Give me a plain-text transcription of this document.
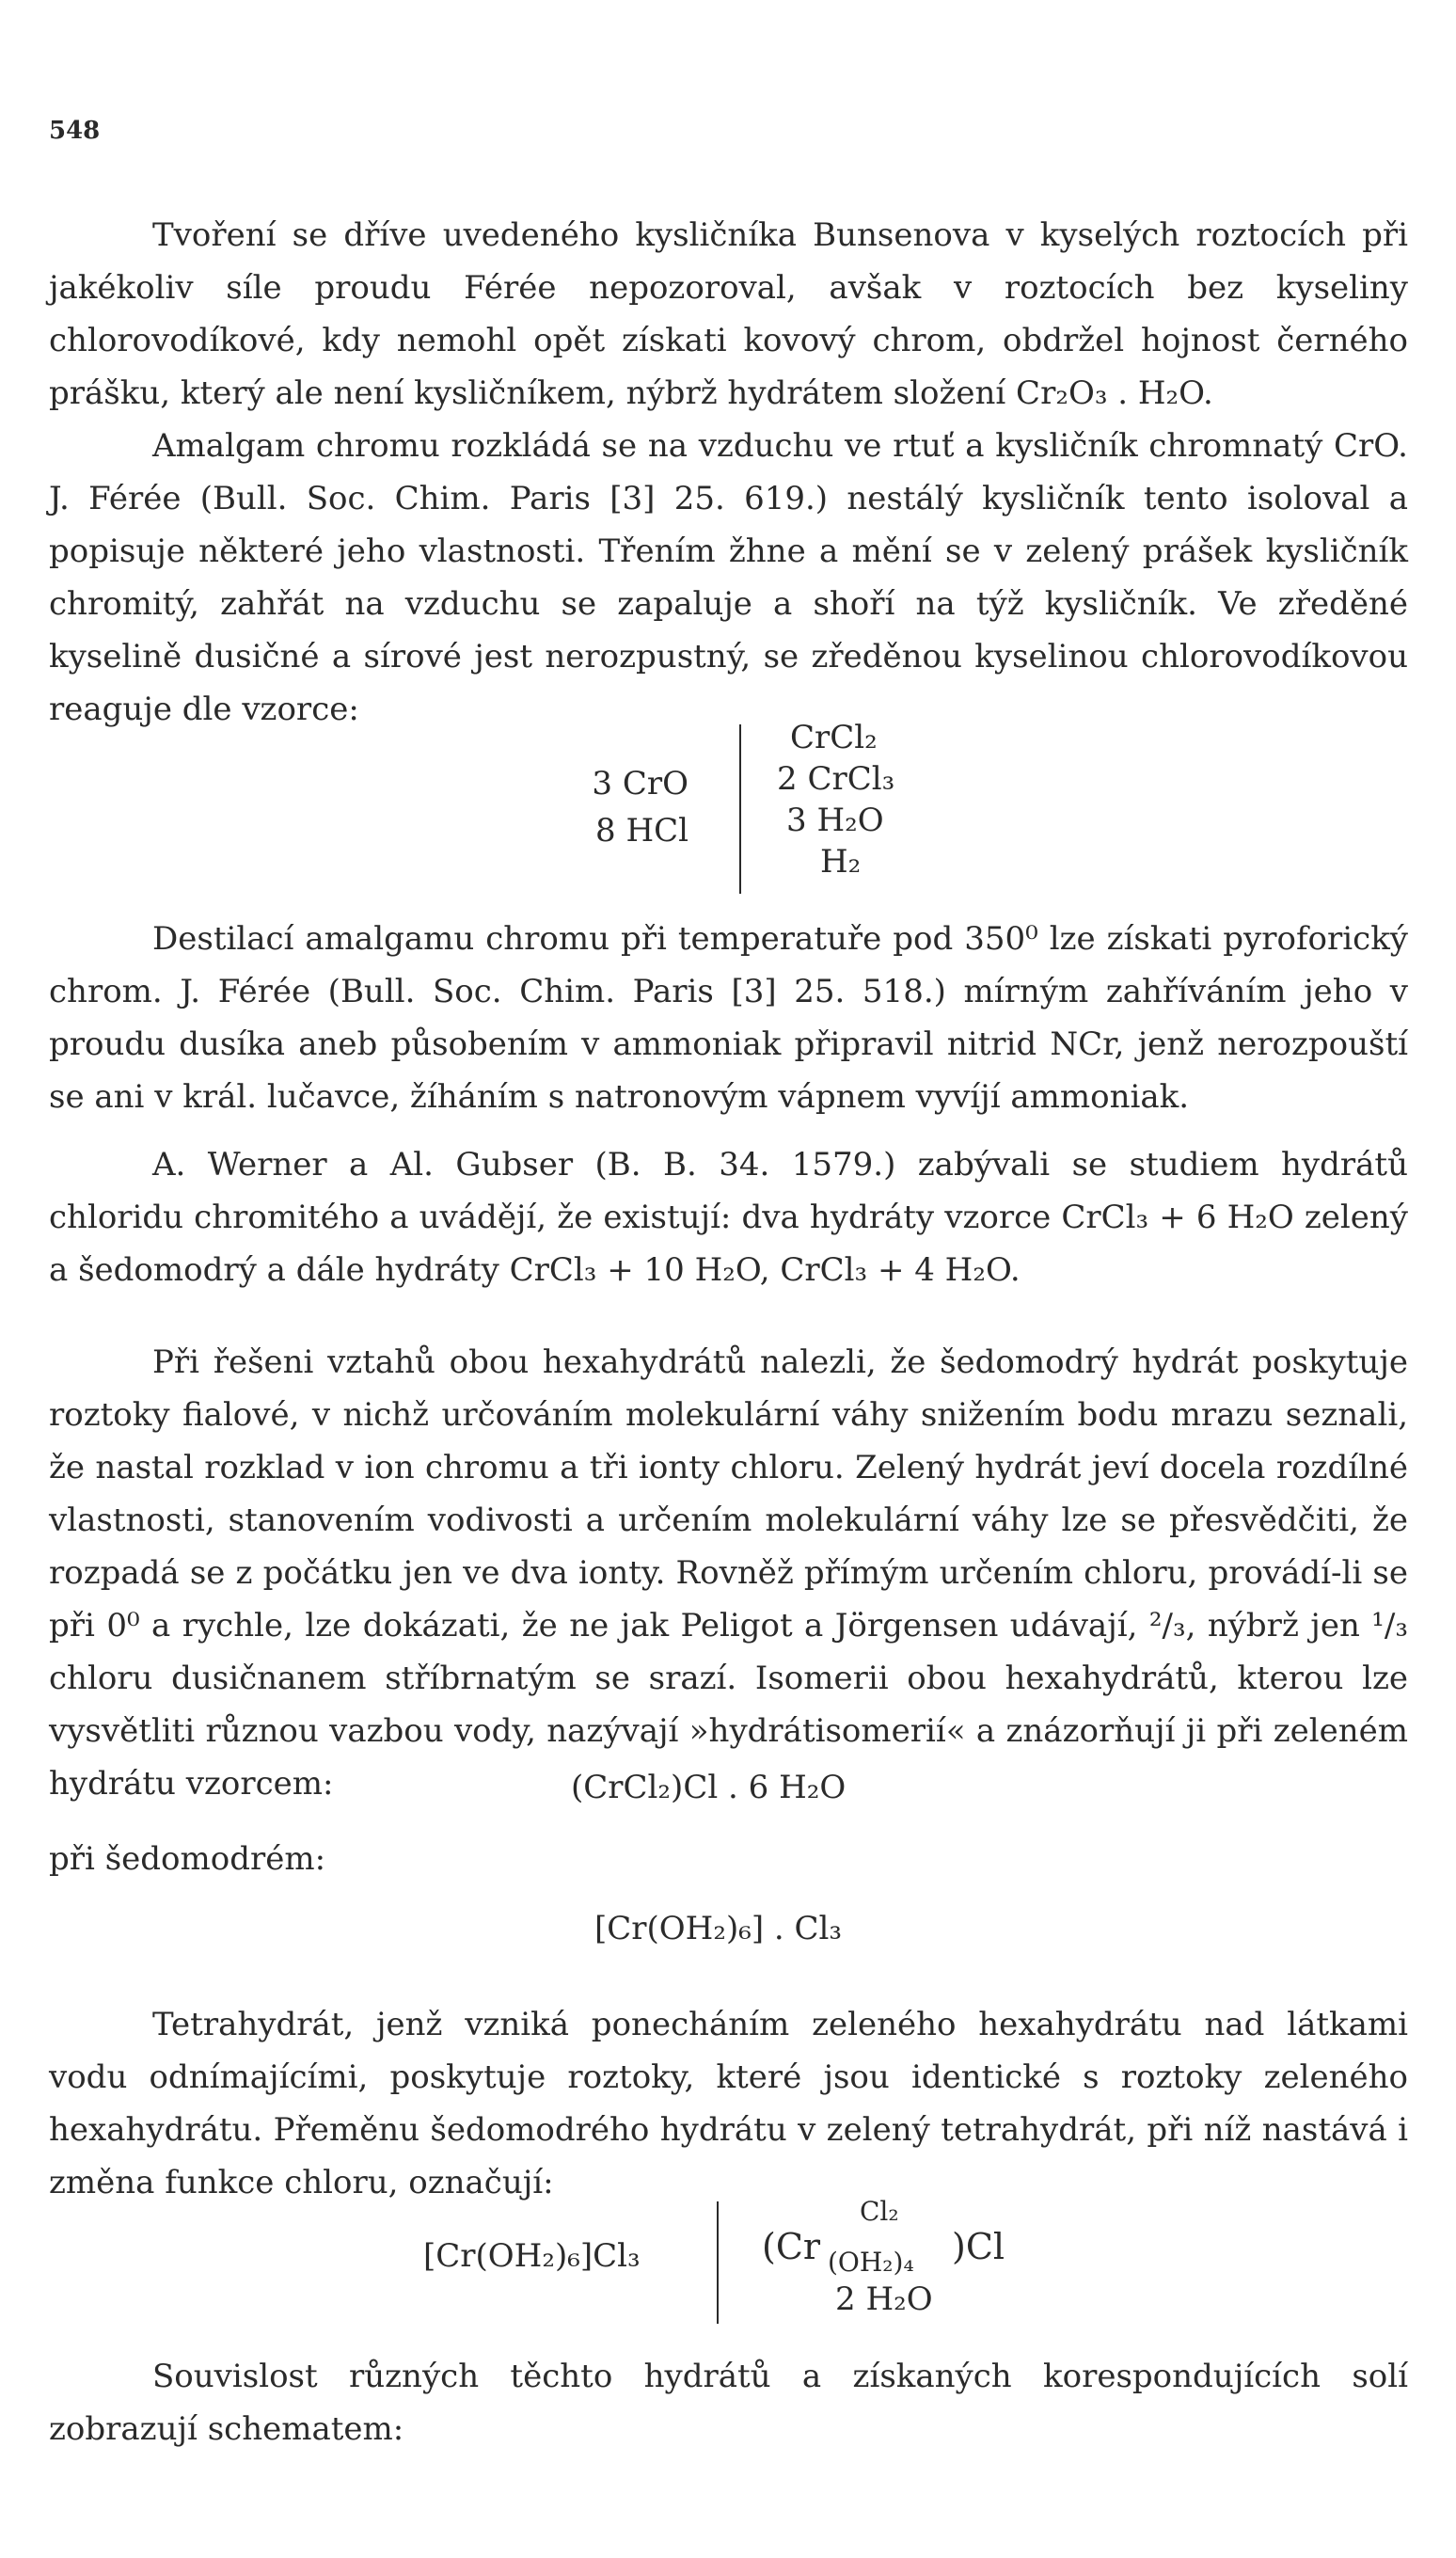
548

Tvoření se dříve uvedeného kysličníka Bunsenova v kyselých roztocích při jakékoliv síle proudu Férée nepozoroval, avšak v roztocích bez kyseliny chlorovodíkové, kdy nemohl opět získati kovový chrom, obdržel hojnost černého prášku, který ale není kysličníkem, nýbrž hydrátem složení Cr₂O₃ . H₂O.

Amalgam chromu rozkládá se na vzduchu ve rtuť a kysličník chromnatý CrO. J. Férée (Bull. Soc. Chim. Paris [3] 25. 619.) nestálý kysličník tento isoloval a popisuje některé jeho vlastnosti. Třením žhne a mění se v zelený prášek kysličník chromitý, zahřát na vzduchu se zapaluje a shoří na týž kysličník. Ve zředěné kyselině dusičné a sírové jest nerozpustný, se zředěnou kyselinou chlorovodíkovou reaguje dle vzorce:

3 CrO
8 HCl
CrCl₂
2 CrCl₃
3 H₂O
H₂

Destilací amalgamu chromu při temperatuře pod 350⁰ lze získati pyroforický chrom. J. Férée (Bull. Soc. Chim. Paris [3] 25. 518.) mírným zahříváním jeho v proudu dusíka aneb působením v ammoniak připravil nitrid NCr, jenž nerozpouští se ani v král. lučavce, žíháním s natronovým vápnem vyvíjí ammoniak.

A. Werner a Al. Gubser (B. B. 34. 1579.) zabývali se studiem hydrátů chloridu chromitého a uvádějí, že existují: dva hydráty vzorce CrCl₃ + 6 H₂O zelený a šedomodrý a dále hydráty CrCl₃ + 10 H₂O, CrCl₃ + 4 H₂O.

Při řešeni vztahů obou hexahydrátů nalezli, že šedomodrý hydrát poskytuje roztoky fialové, v nichž určováním molekulární váhy snižením bodu mrazu seznali, že nastal rozklad v ion chromu a tři ionty chloru. Zelený hydrát jeví docela rozdílné vlastnosti, stanovením vodivosti a určením molekulární váhy lze se přesvědčiti, že rozpadá se z počátku jen ve dva ionty. Rovněž přímým určením chloru, provádí-li se při 0⁰ a rychle, lze dokázati, že ne jak Peligot a Jörgensen udávají, ²/₃, nýbrž jen ¹/₃ chloru dusičnanem stříbrnatým se srazí. Isomerii obou hexahydrátů, kterou lze vysvětliti různou vazbou vody, nazývají »hydrátisomerií« a znázorňují ji při zeleném hydrátu vzorcem:	(CrCl₂)Cl . 6 H₂O
při šedomodrém:
[Cr(OH₂)₆] . Cl₃

Tetrahydrát, jenž vzniká ponecháním zeleného hexahydrátu nad látkami vodu odnímajícími, poskytuje roztoky, které jsou identické s roztoky zeleného hexahydrátu. Přeměnu šedomodrého hydrátu v zelený tetrahydrát, při níž nastává i změna funkce chloru, označují:

[Cr(OH₂)₆]Cl₃	(Cr
Cl₂
(OH₂)₄ )Cl
2 H₂O

Souvislost různých těchto hydrátů a získaných korespondujících solí zobrazují schematem:
